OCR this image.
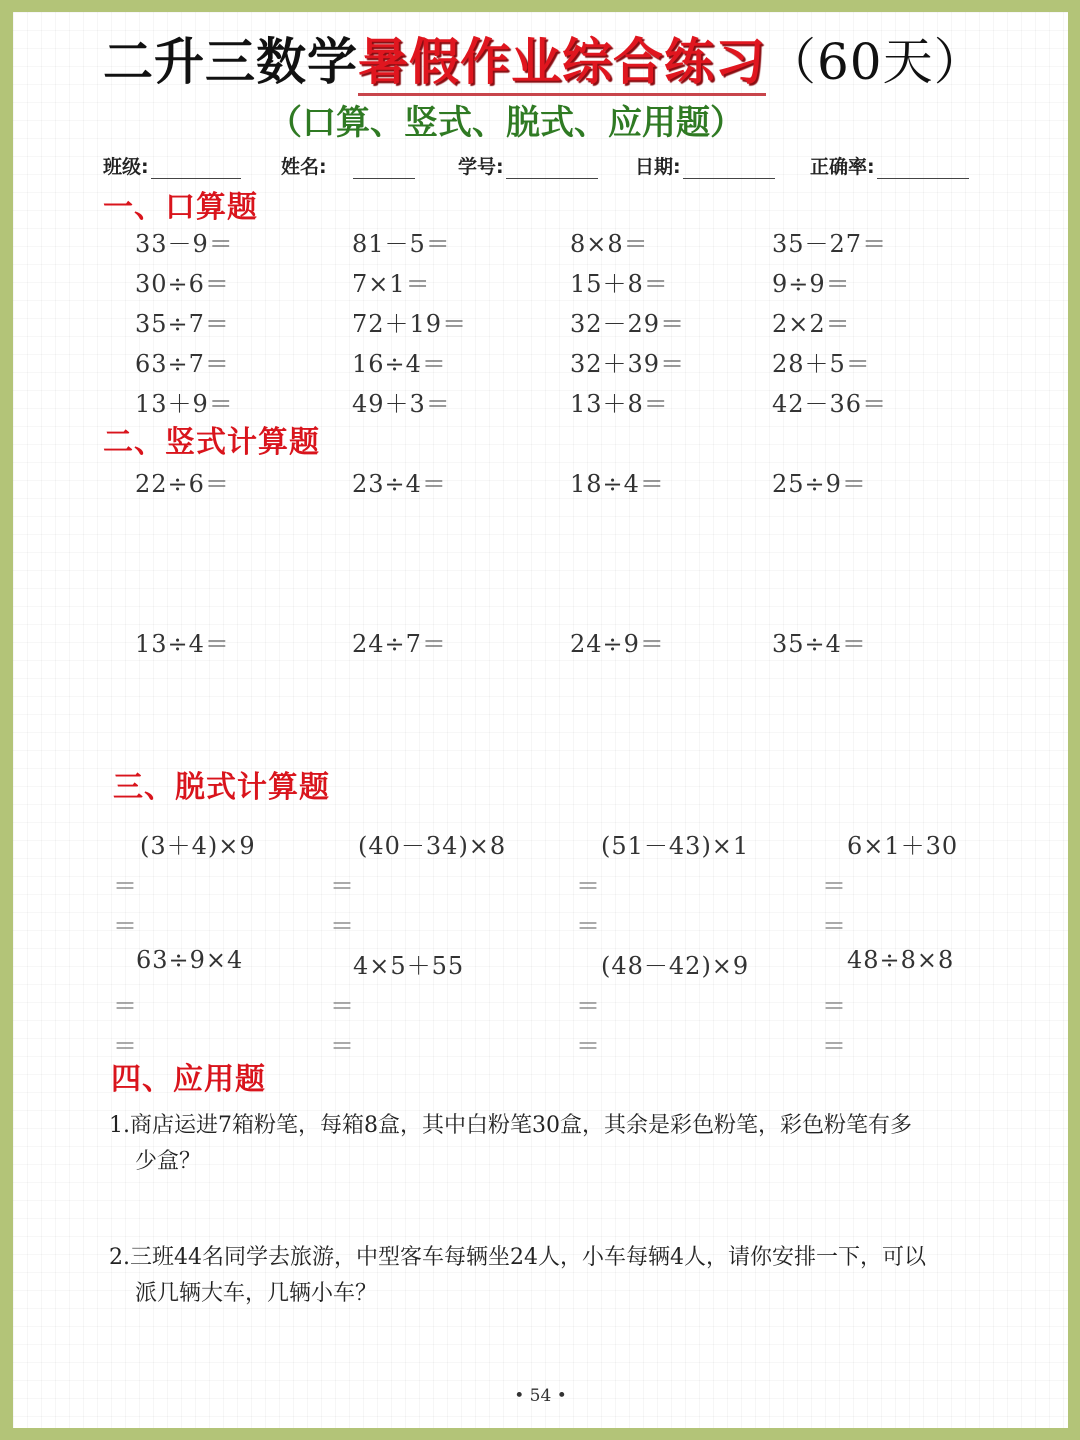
二升三数学暑假作业综合练习（60天）
（口算、竖式、脱式、应用题）
班级:	姓名:	学号:	日期:	正确率:
一、口算题
33－9＝	81－5＝	8×8＝	35－27＝
30÷6＝	7×1＝	15＋8＝	9÷9＝
35÷7＝	72＋19＝	32－29＝	2×2＝
63÷7＝	16÷4＝	32＋39＝	28＋5＝
13＋9＝	49＋3＝	13＋8＝	42－36＝
二、竖式计算题
22÷6＝	23÷4＝	18÷4＝	25÷9＝
13÷4＝	24÷7＝	24÷9＝	35÷4＝
三、脱式计算题
(3＋4)×9	(40－34)×8	(51－43)×1	6×1＋30
＝	＝	＝	＝
＝	＝	＝	＝
63÷9×4	4×5＋55	(48－42)×9	48÷8×8
＝	＝	＝	＝
＝	＝	＝	＝
四、应用题
1.商店运进7箱粉笔，每箱8盒，其中白粉笔30盒，其余是彩色粉笔，彩色粉笔有多
少盒？
2.三班44名同学去旅游，中型客车每辆坐24人，小车每辆4人，请你安排一下，可以
派几辆大车，几辆小车？
• 54 •
